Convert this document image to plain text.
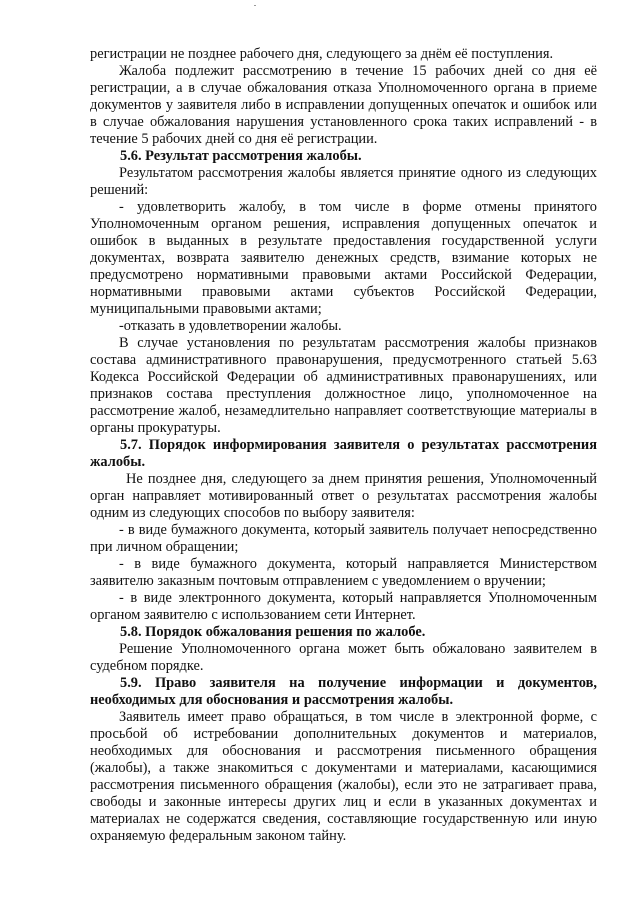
регистрации не позднее рабочего дня, следующего за днём её поступления.

Жалоба подлежит рассмотрению в течение 15 рабочих дней со дня её регистрации, а в случае обжалования отказа Уполномоченного органа в приеме документов у заявителя либо в исправлении допущенных опечаток и ошибок или в случае обжалования нарушения установленного срока таких исправлений - в течение 5 рабочих дней со дня её регистрации.

5.6. Результат рассмотрения жалобы.

Результатом рассмотрения жалобы является принятие одного из следующих решений:

- удовлетворить жалобу, в том числе в форме отмены принятого Уполномоченным органом решения, исправления допущенных опечаток и ошибок в выданных в результате предоставления государственной услуги документах, возврата заявителю денежных средств, взимание которых не предусмотрено нормативными правовыми актами Российской Федерации, нормативными правовыми актами субъектов Российской Федерации, муниципальными правовыми актами;

-отказать в удовлетворении жалобы.

В случае установления по результатам рассмотрения жалобы признаков состава административного правонарушения, предусмотренного статьей 5.63 Кодекса Российской Федерации об административных правонарушениях, или признаков состава преступления должностное лицо, уполномоченное на рассмотрение жалоб, незамедлительно направляет соответствующие материалы в органы прокуратуры.

5.7. Порядок информирования заявителя о результатах рассмотрения жалобы.

Не позднее дня, следующего за днем принятия решения, Уполномоченный орган направляет мотивированный ответ о результатах рассмотрения жалобы одним из следующих способов по выбору заявителя:

- в виде бумажного документа, который заявитель получает непосредственно при личном обращении;

- в виде бумажного документа, который направляется Министерством заявителю заказным почтовым отправлением с уведомлением о вручении;

- в виде электронного документа, который направляется Уполномоченным органом заявителю с использованием сети Интернет.

5.8. Порядок обжалования решения по жалобе.

Решение Уполномоченного органа может быть обжаловано заявителем в судебном порядке.

5.9. Право заявителя на получение информации и документов, необходимых для обоснования и рассмотрения жалобы.

Заявитель имеет право обращаться, в том числе в электронной форме, с просьбой об истребовании дополнительных документов и материалов, необходимых для обоснования и рассмотрения письменного обращения (жалобы), а также знакомиться с документами и материалами, касающимися рассмотрения письменного обращения (жалобы), если это не затрагивает права, свободы и законные интересы других лиц и если в указанных документах и материалах не содержатся сведения, составляющие государственную или иную охраняемую федеральным законом тайну.
